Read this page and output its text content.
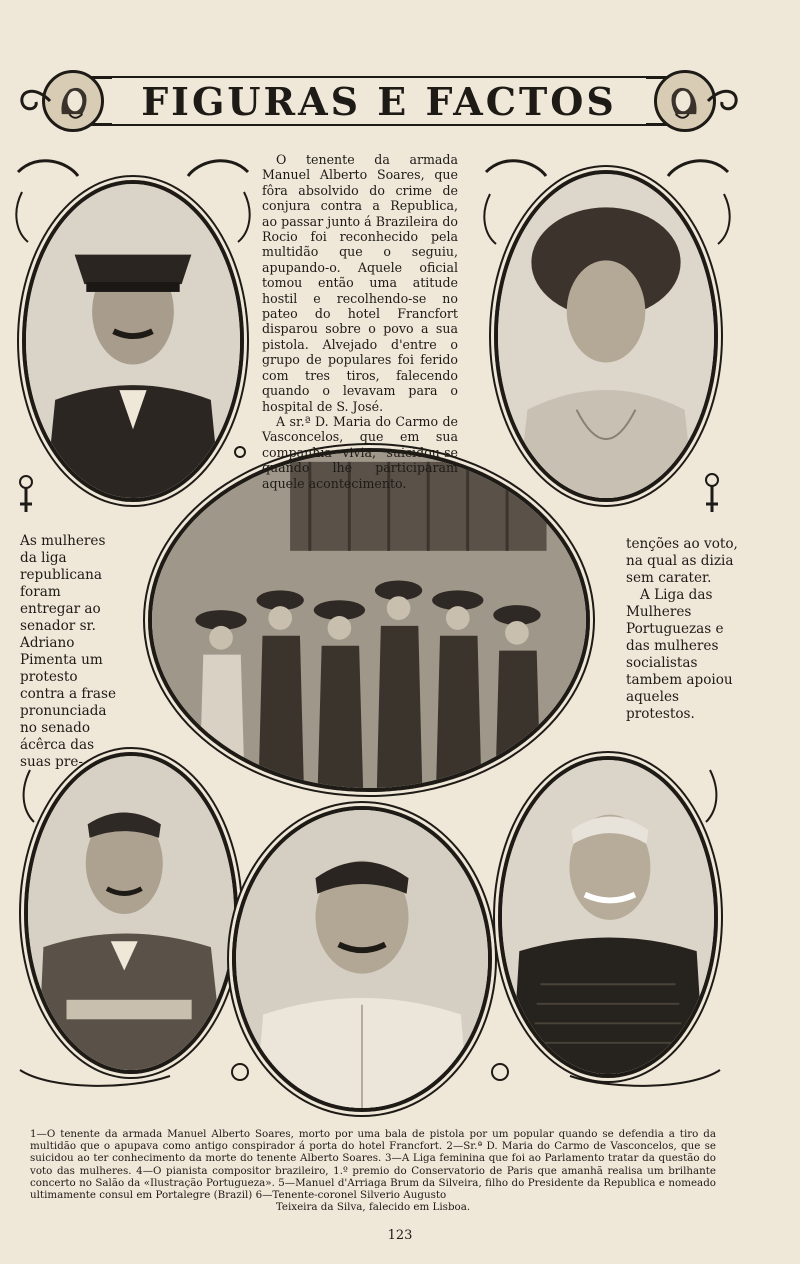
FIGURAS E FACTOS

O tenente da armada Manuel Alberto Soares, que fôra absolvido do crime de conjura contra a Republica, ao passar junto á Brazileira do Rocio foi reconhecido pela multidão que o seguiu, apupando-o. Aquele oficial tomou então uma atitude hostil e recolhendo-se no pateo do hotel Francfort disparou sobre o povo a sua pistola. Alvejado d'entre o grupo de populares foi ferido com tres tiros, falecendo quando o levavam para o hospital de S. José.

A sr.ª D. Maria do Carmo de Vasconcelos, que em sua companhia vivia, suicidou-se quando lhe participaram aquele acontecimento.

As mulheres da liga republicana foram entregar ao senador sr. Adriano Pimenta um protesto contra a frase pronunciada no senado ácêrca das suas pre-

tenções ao voto, na qual as dizia sem carater.

A Liga das Mulheres Portuguezas e das mulheres socialistas tambem apoiou aqueles protestos.

1—O tenente da armada Manuel Alberto Soares, morto por uma bala de pistola por um popular quando se defendia a tiro da multidão que o apupava como antigo conspirador á porta do hotel Francfort. 2—Sr.ª D. Maria do Carmo de Vasconcelos, que se suicidou ao ter conhecimento da morte do tenente Alberto Soares. 3—A Liga feminina que foi ao Parlamento tratar da questão do voto das mulheres. 4—O pianista compositor brazileiro, 1.º premio do Conservatorio de Paris que amanhã realisa um brilhante concerto no Salão da «Ilustração Portugueza». 5—Manuel d'Arriaga Brum da Silveira, filho do Presidente da Republica e nomeado ultimamente consul em Portalegre (Brazil) 6—Tenente-coronel Silverio Augusto
Teixeira da Silva, falecido em Lisboa.
123
